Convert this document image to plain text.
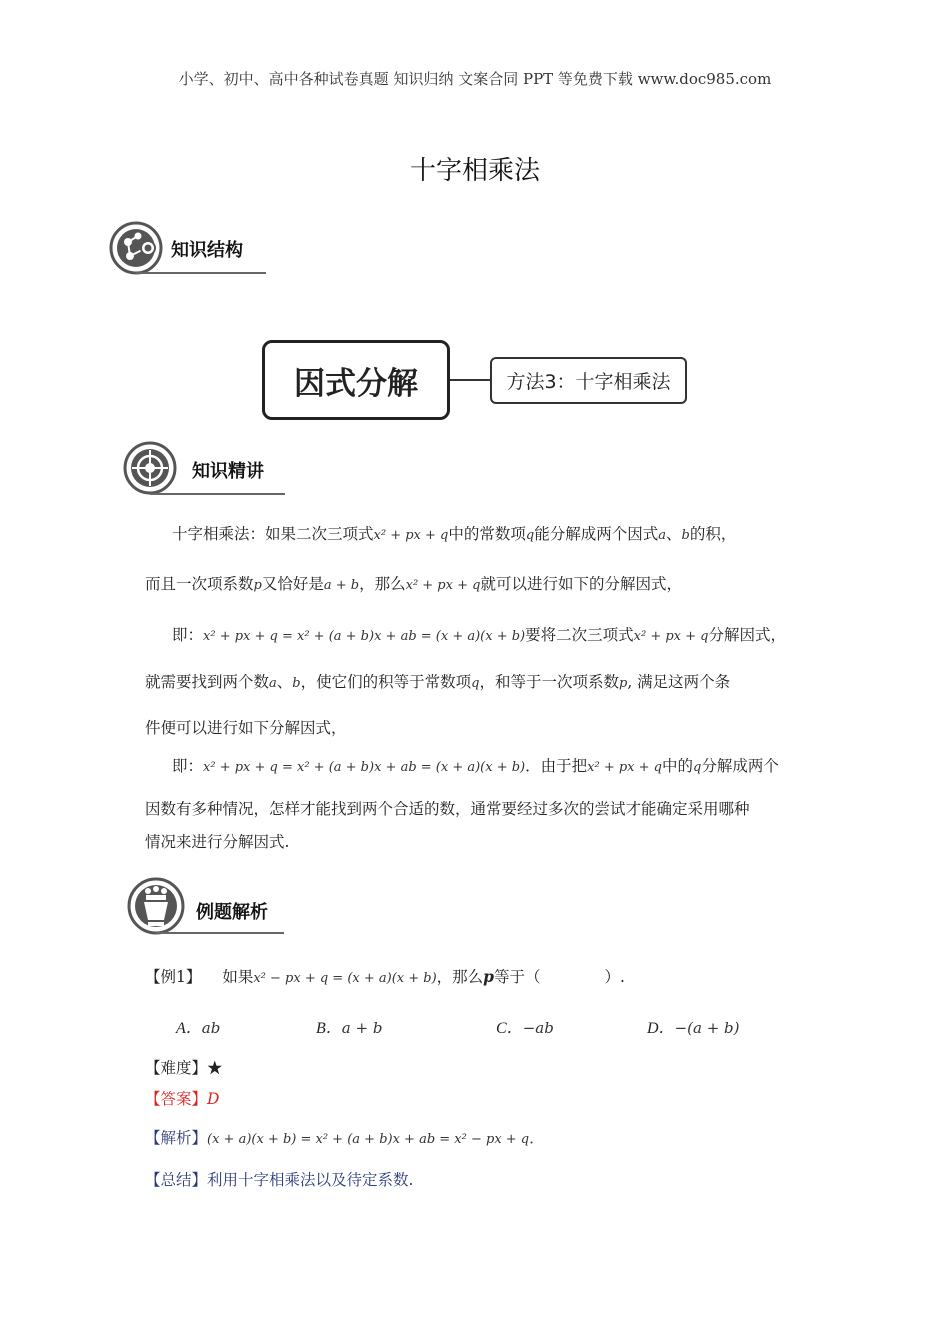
小学、初中、高中各种试卷真题 知识归纳 文案合同 PPT 等免费下载 www.doc985.com
十字相乘法
知识结构
因式分解	方法3：十字相乘法
知识精讲
十字相乘法：如果二次三项式x² + px + q中的常数项q能分解成两个因式a、b的积，
而且一次项系数p又恰好是a + b，那么x² + px + q就可以进行如下的分解因式，
即：x² + px + q = x² + (a + b)x + ab = (x + a)(x + b)要将二次三项式x² + px + q分解因式，
就需要找到两个数a、b，使它们的积等于常数项q，和等于一次项系数p, 满足这两个条
件便可以进行如下分解因式，
即：x² + px + q = x² + (a + b)x + ab = (x + a)(x + b)．由于把x² + px + q中的q分解成两个
因数有多种情况，怎样才能找到两个合适的数，通常要经过多次的尝试才能确定采用哪种
情况来进行分解因式.
例题解析
【例1】 如果x² − px + q = (x + a)(x + b)，那么p等于（	）.
A．ab	B．a + b	C．−ab	D．−(a + b)
【难度】★
【答案】D
【解析】(x + a)(x + b) = x² + (a + b)x + ab = x² − px + q．
【总结】利用十字相乘法以及待定系数.
